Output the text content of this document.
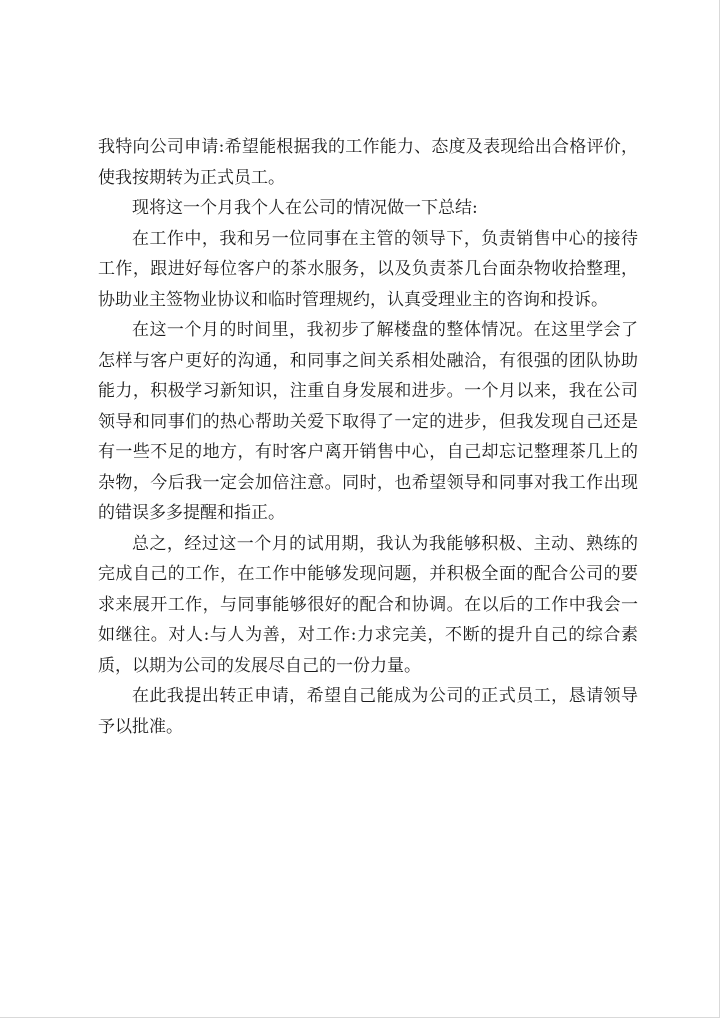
我特向公司申请:希望能根据我的工作能力、态度及表现给出合格评价，使我按期转为正式员工。

现将这一个月我个人在公司的情况做一下总结:

在工作中，我和另一位同事在主管的领导下，负责销售中心的接待工作，跟进好每位客户的茶水服务，以及负责茶几台面杂物收拾整理，协助业主签物业协议和临时管理规约，认真受理业主的咨询和投诉。

在这一个月的时间里，我初步了解楼盘的整体情况。在这里学会了怎样与客户更好的沟通，和同事之间关系相处融洽，有很强的团队协助能力，积极学习新知识，注重自身发展和进步。一个月以来，我在公司领导和同事们的热心帮助关爱下取得了一定的进步，但我发现自己还是有一些不足的地方，有时客户离开销售中心，自己却忘记整理茶几上的杂物，今后我一定会加倍注意。同时，也希望领导和同事对我工作出现的错误多多提醒和指正。

总之，经过这一个月的试用期，我认为我能够积极、主动、熟练的完成自己的工作，在工作中能够发现问题，并积极全面的配合公司的要求来展开工作，与同事能够很好的配合和协调。在以后的工作中我会一如继往。对人:与人为善，对工作:力求完美，不断的提升自己的综合素质，以期为公司的发展尽自己的一份力量。

在此我提出转正申请，希望自己能成为公司的正式员工，恳请领导予以批准。
